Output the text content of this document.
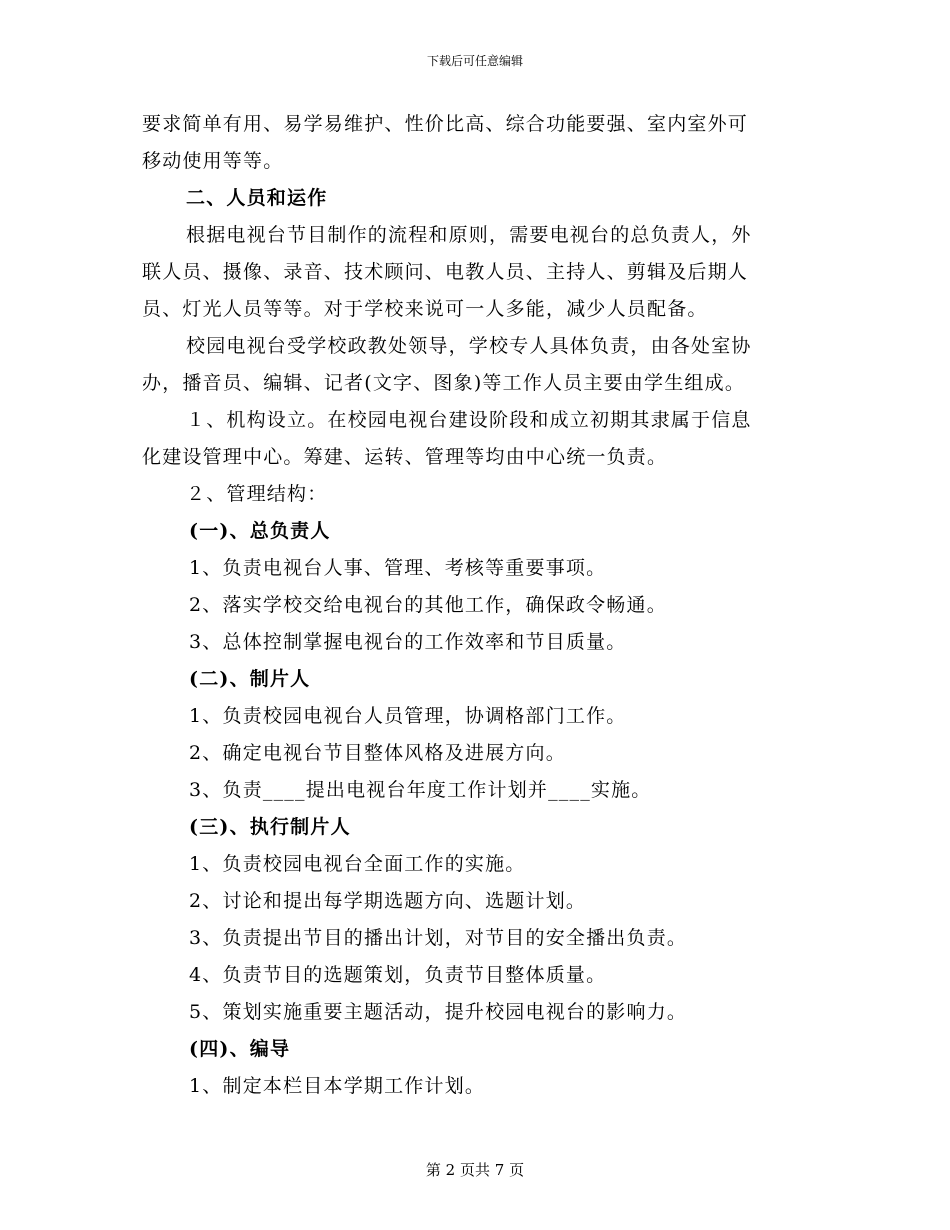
下载后可任意编辑
要求简单有用、易学易维护、性价比高、综合功能要强、室内室外可
移动使用等等。
二、人员和运作
根据电视台节目制作的流程和原则，需要电视台的总负责人，外
联人员、摄像、录音、技术顾问、电教人员、主持人、剪辑及后期人
员、灯光人员等等。对于学校来说可一人多能，减少人员配备。
校园电视台受学校政教处领导，学校专人具体负责，由各处室协
办，播音员、编辑、记者(文字、图象)等工作人员主要由学生组成。
１、机构设立。在校园电视台建设阶段和成立初期其隶属于信息
化建设管理中心。筹建、运转、管理等均由中心统一负责。
２、管理结构：
(一)、总负责人
1、负责电视台人事、管理、考核等重要事项。
2、落实学校交给电视台的其他工作，确保政令畅通。
3、总体控制掌握电视台的工作效率和节目质量。
(二)、制片人
1、负责校园电视台人员管理，协调格部门工作。
2、确定电视台节目整体风格及进展方向。
3、负责____提出电视台年度工作计划并____实施。
(三)、执行制片人
1、负责校园电视台全面工作的实施。
2、讨论和提出每学期选题方向、选题计划。
3、负责提出节目的播出计划，对节目的安全播出负责。
4、负责节目的选题策划，负责节目整体质量。
5、策划实施重要主题活动，提升校园电视台的影响力。
(四)、编导
1、制定本栏目本学期工作计划。
第 2 页共 7 页
